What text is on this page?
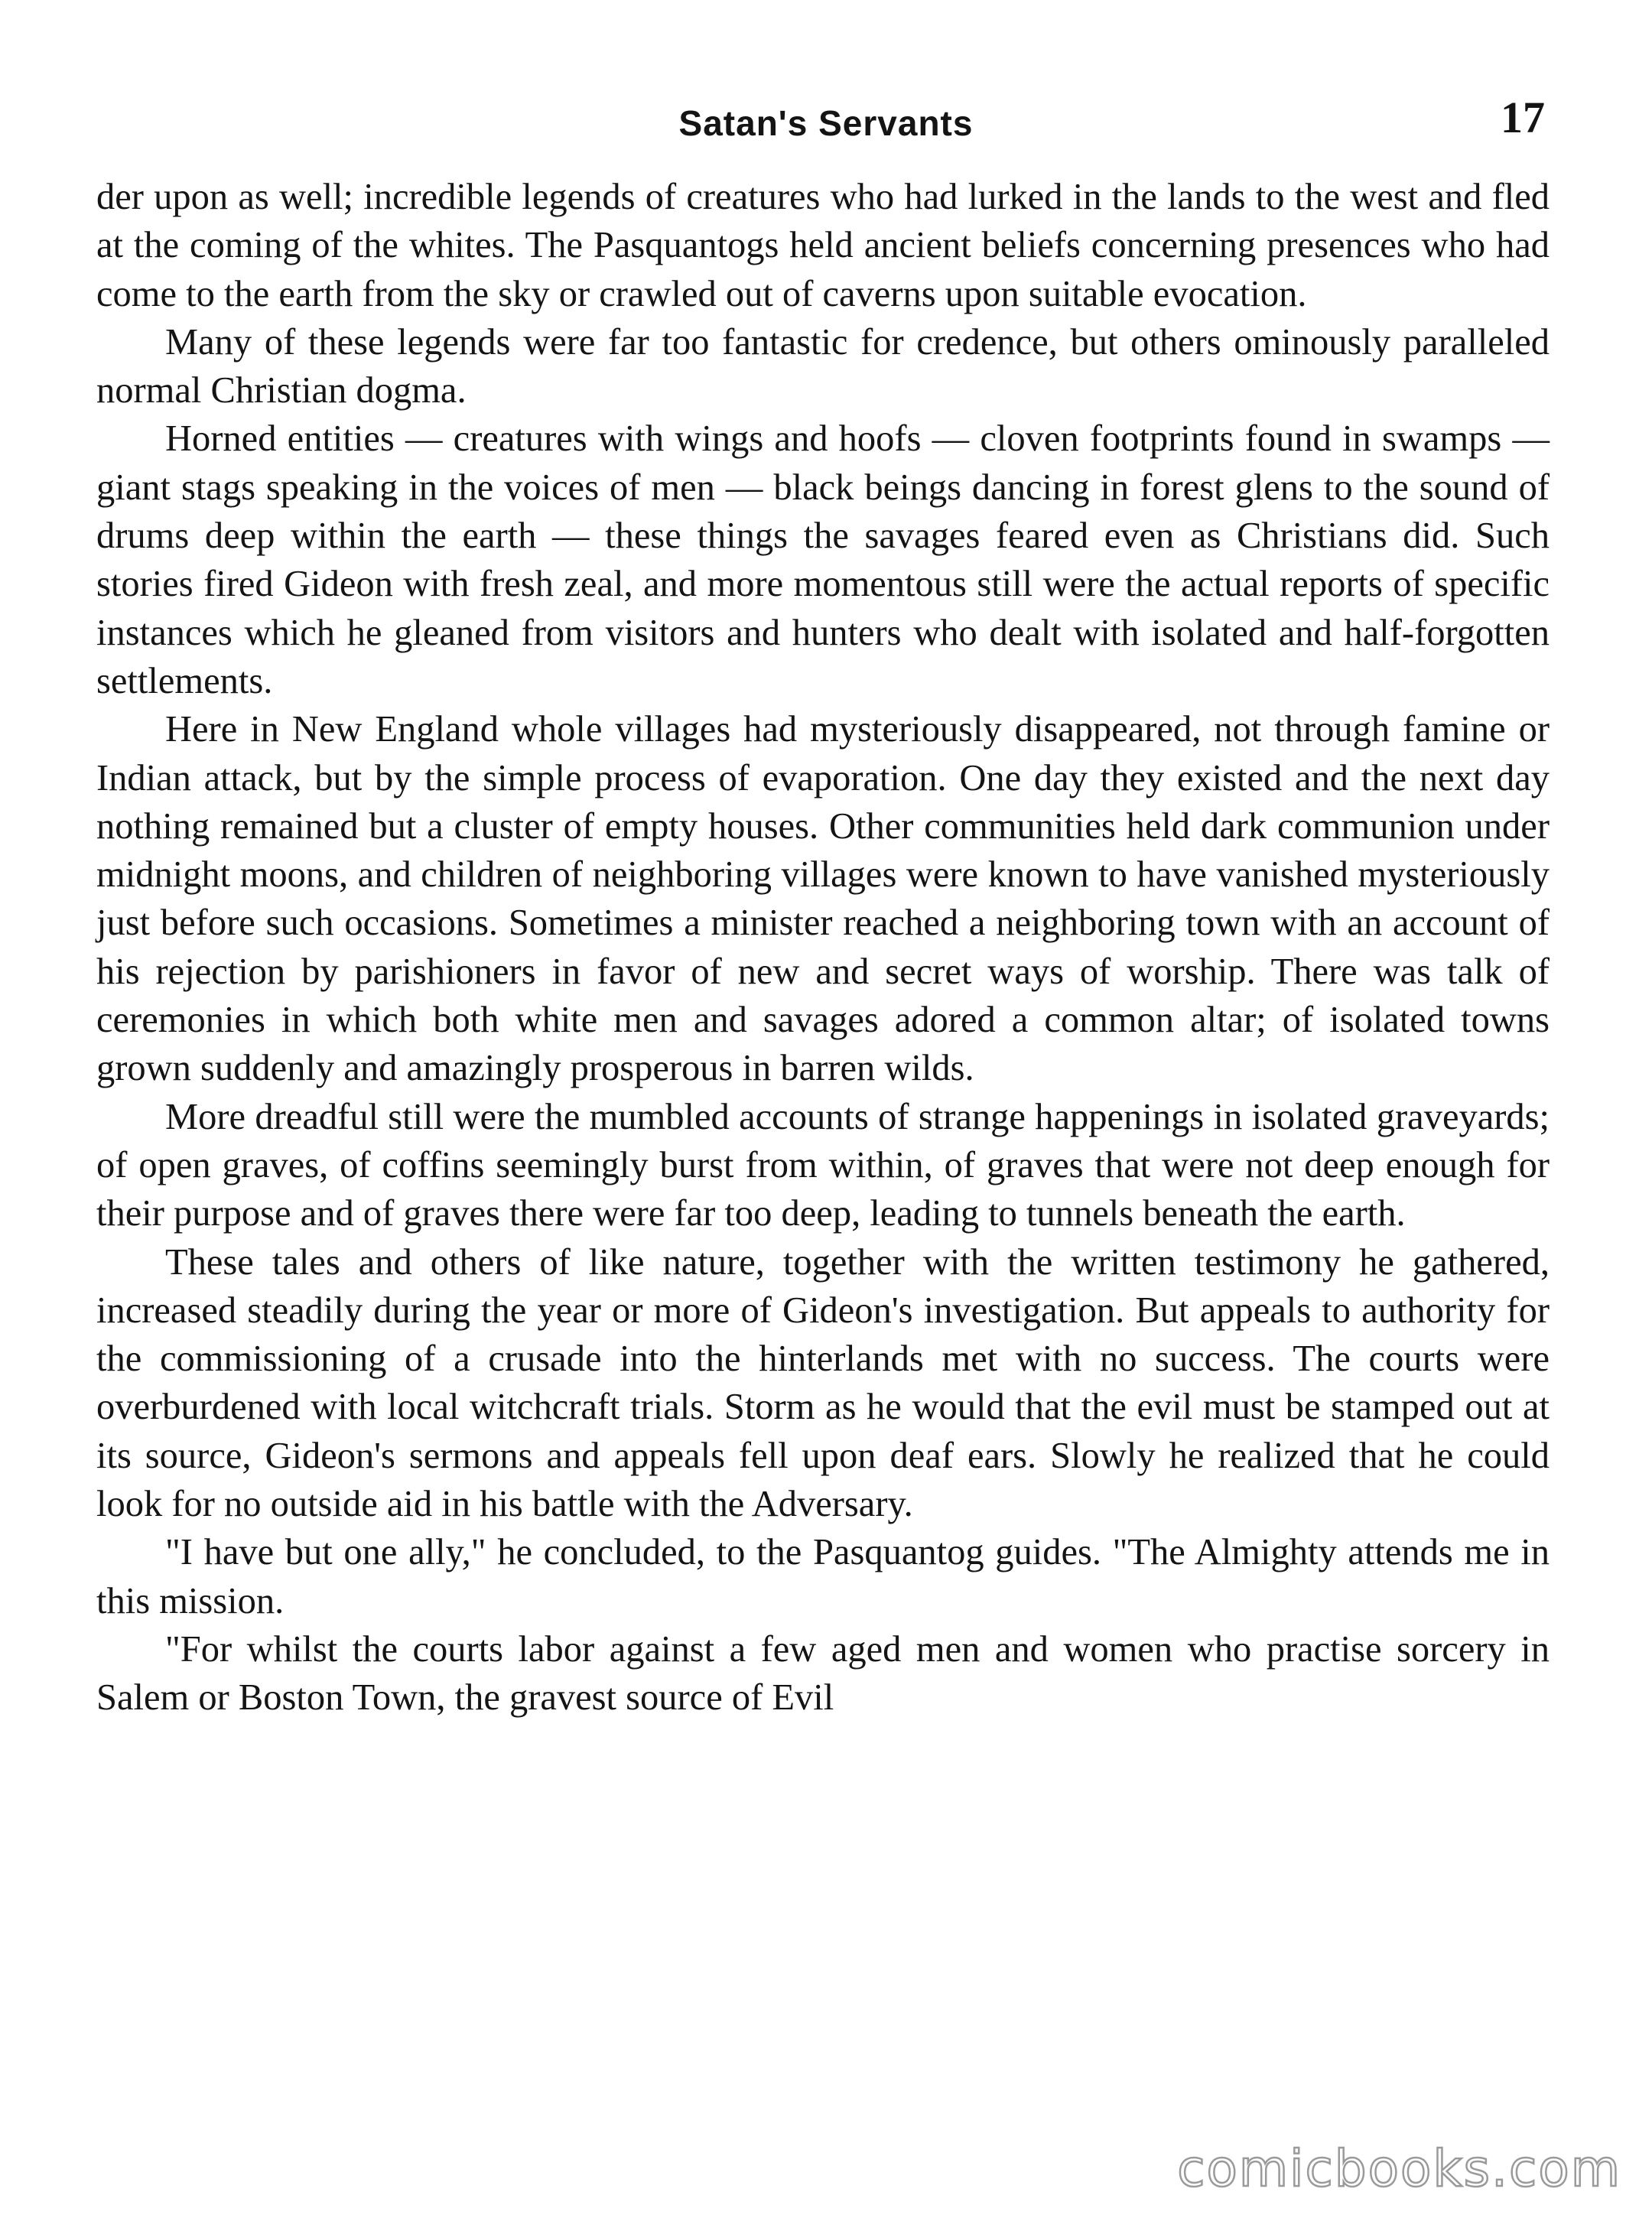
Satan's Servants	17

der upon as well; incredible legends of creatures who had lurked in the lands to the west and fled at the coming of the whites. The Pasquantogs held ancient beliefs concerning presences who had come to the earth from the sky or crawled out of caverns upon suitable evocation.

Many of these legends were far too fantastic for credence, but others ominously paralleled normal Christian dogma.

Horned entities — creatures with wings and hoofs — cloven footprints found in swamps — giant stags speaking in the voices of men — black beings dancing in forest glens to the sound of drums deep within the earth — these things the savages feared even as Christians did. Such stories fired Gideon with fresh zeal, and more momentous still were the actual reports of specific instances which he gleaned from visitors and hunters who dealt with isolated and half-forgotten settlements.

Here in New England whole villages had mysteriously disappeared, not through famine or Indian attack, but by the simple process of evaporation. One day they existed and the next day nothing remained but a cluster of empty houses. Other communities held dark communion under midnight moons, and children of neighboring villages were known to have vanished mysteriously just before such occasions. Sometimes a minister reached a neighboring town with an account of his rejection by parishioners in favor of new and secret ways of worship. There was talk of ceremonies in which both white men and savages adored a common altar; of isolated towns grown suddenly and amazingly prosperous in barren wilds.

More dreadful still were the mumbled accounts of strange happenings in isolated graveyards; of open graves, of coffins seemingly burst from within, of graves that were not deep enough for their purpose and of graves there were far too deep, leading to tunnels beneath the earth.

These tales and others of like nature, together with the written testimony he gathered, increased steadily during the year or more of Gideon's investigation. But appeals to authority for the commissioning of a crusade into the hinterlands met with no success. The courts were overburdened with local witchcraft trials. Storm as he would that the evil must be stamped out at its source, Gideon's sermons and appeals fell upon deaf ears. Slowly he realized that he could look for no outside aid in his battle with the Adversary.

"I have but one ally," he concluded, to the Pasquantog guides. "The Almighty attends me in this mission.

"For whilst the courts labor against a few aged men and women who practise sorcery in Salem or Boston Town, the gravest source of Evil

comicbooks.com
